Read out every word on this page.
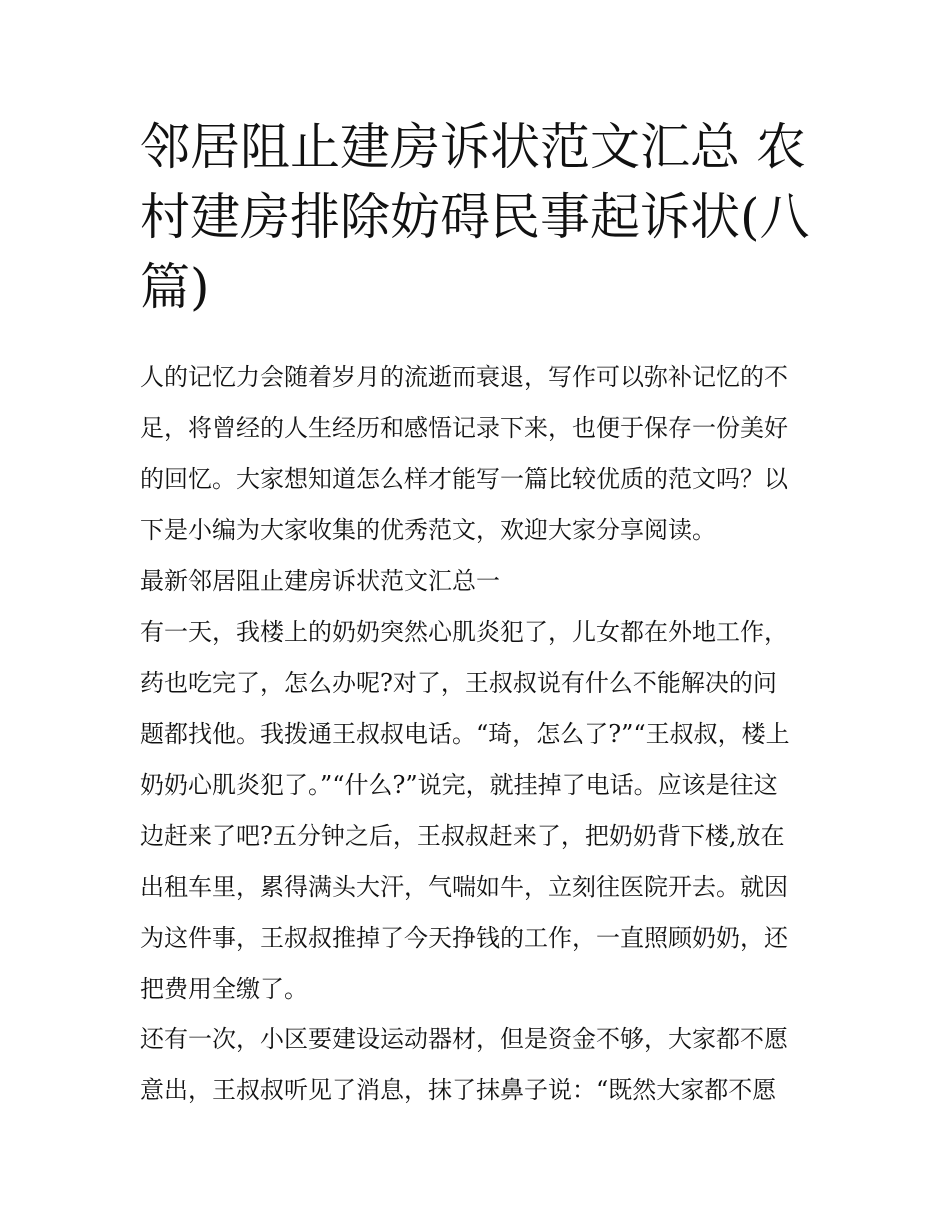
邻居阻止建房诉状范文汇总 农
村建房排除妨碍民事起诉状(八
篇)
人的记忆力会随着岁月的流逝而衰退，写作可以弥补记忆的不
足，将曾经的人生经历和感悟记录下来，也便于保存一份美好
的回忆。大家想知道怎么样才能写一篇比较优质的范文吗？以
下是小编为大家收集的优秀范文，欢迎大家分享阅读。
最新邻居阻止建房诉状范文汇总一
有一天，我楼上的奶奶突然心肌炎犯了，儿女都在外地工作，
药也吃完了，怎么办呢?对了，王叔叔说有什么不能解决的问
题都找他。我拨通王叔叔电话。“琦，怎么了?”“王叔叔，楼上
奶奶心肌炎犯了。”“什么?”说完，就挂掉了电话。应该是往这
边赶来了吧?五分钟之后，王叔叔赶来了，把奶奶背下楼,放在
出租车里，累得满头大汗，气喘如牛，立刻往医院开去。就因
为这件事，王叔叔推掉了今天挣钱的工作，一直照顾奶奶，还
把费用全缴了。
还有一次，小区要建设运动器材，但是资金不够，大家都不愿
意出，王叔叔听见了消息，抹了抹鼻子说：“既然大家都不愿
